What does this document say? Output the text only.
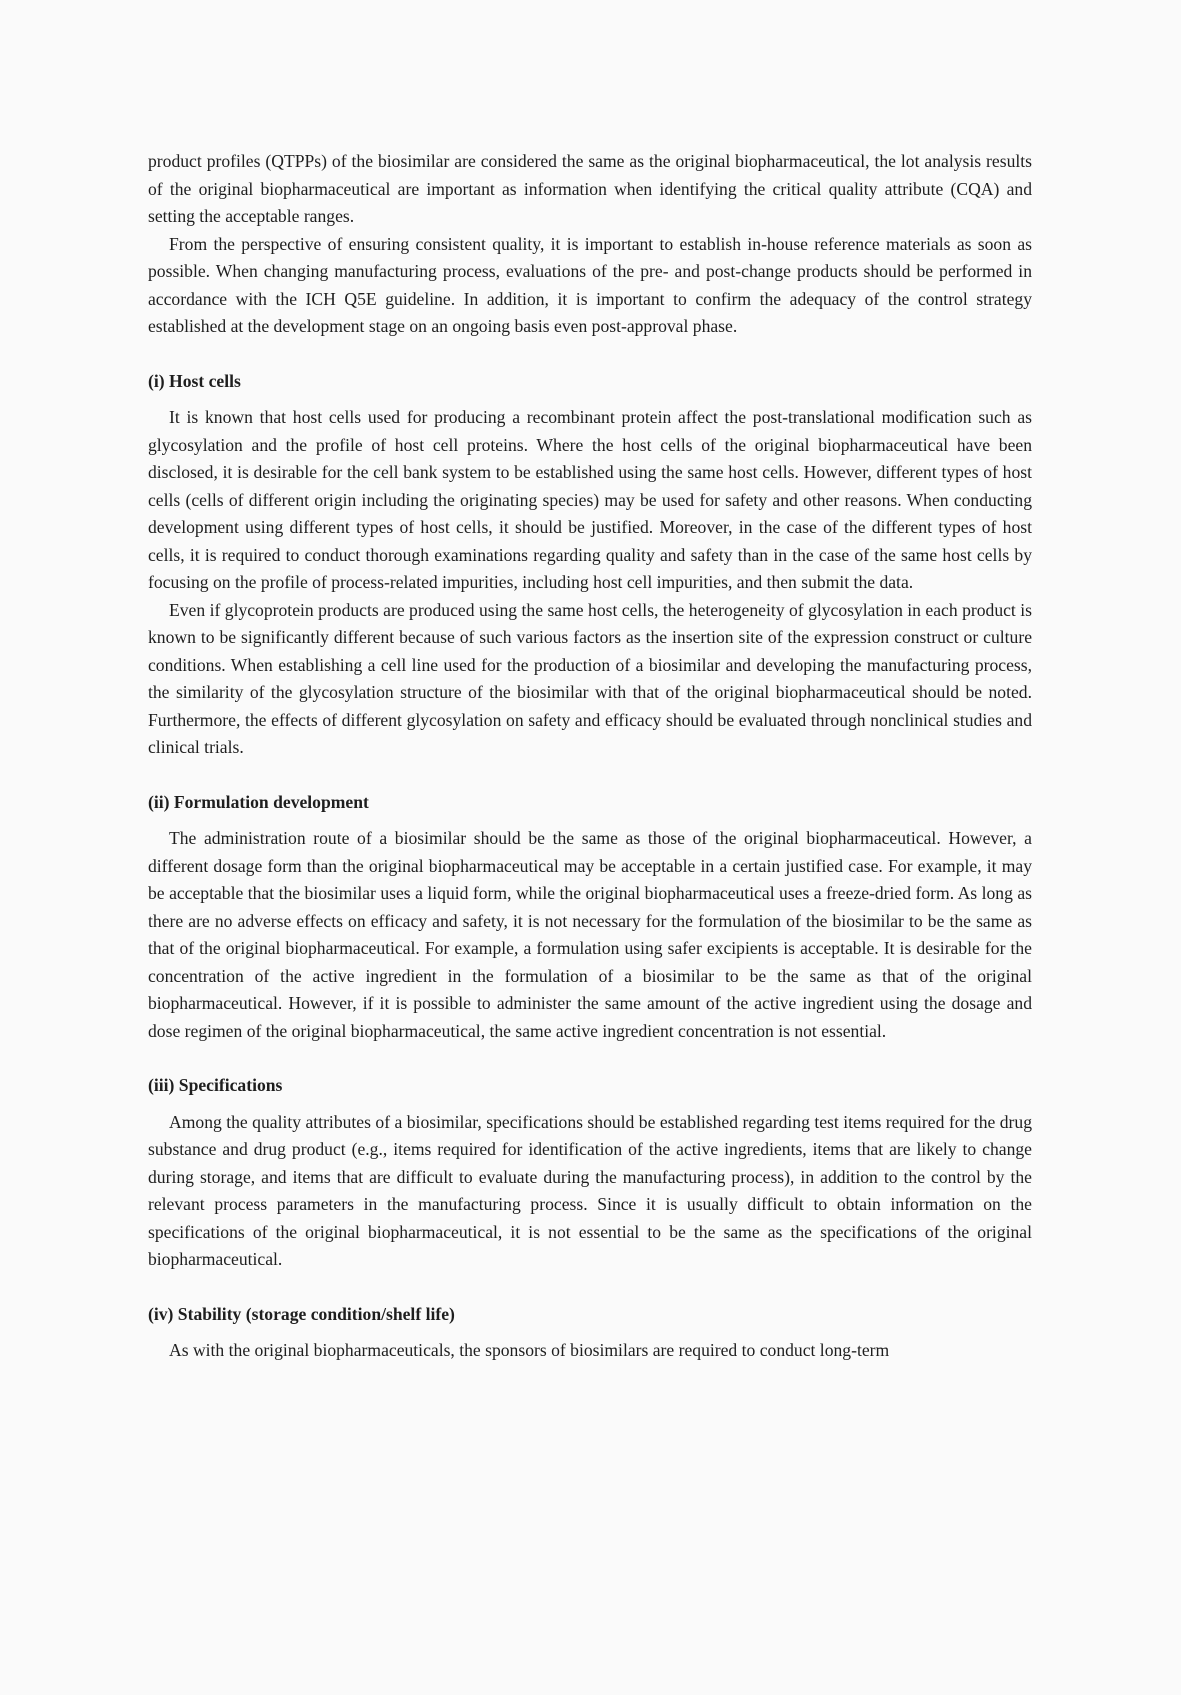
product profiles (QTPPs) of the biosimilar are considered the same as the original biopharmaceutical, the lot analysis results of the original biopharmaceutical are important as information when identifying the critical quality attribute (CQA) and setting the acceptable ranges.

From the perspective of ensuring consistent quality, it is important to establish in-house reference materials as soon as possible. When changing manufacturing process, evaluations of the pre- and post-change products should be performed in accordance with the ICH Q5E guideline. In addition, it is important to confirm the adequacy of the control strategy established at the development stage on an ongoing basis even post-approval phase.

(i) Host cells

It is known that host cells used for producing a recombinant protein affect the post-translational modification such as glycosylation and the profile of host cell proteins. Where the host cells of the original biopharmaceutical have been disclosed, it is desirable for the cell bank system to be established using the same host cells. However, different types of host cells (cells of different origin including the originating species) may be used for safety and other reasons. When conducting development using different types of host cells, it should be justified. Moreover, in the case of the different types of host cells, it is required to conduct thorough examinations regarding quality and safety than in the case of the same host cells by focusing on the profile of process-related impurities, including host cell impurities, and then submit the data.

Even if glycoprotein products are produced using the same host cells, the heterogeneity of glycosylation in each product is known to be significantly different because of such various factors as the insertion site of the expression construct or culture conditions. When establishing a cell line used for the production of a biosimilar and developing the manufacturing process, the similarity of the glycosylation structure of the biosimilar with that of the original biopharmaceutical should be noted. Furthermore, the effects of different glycosylation on safety and efficacy should be evaluated through nonclinical studies and clinical trials.

(ii) Formulation development

The administration route of a biosimilar should be the same as those of the original biopharmaceutical. However, a different dosage form than the original biopharmaceutical may be acceptable in a certain justified case. For example, it may be acceptable that the biosimilar uses a liquid form, while the original biopharmaceutical uses a freeze-dried form. As long as there are no adverse effects on efficacy and safety, it is not necessary for the formulation of the biosimilar to be the same as that of the original biopharmaceutical. For example, a formulation using safer excipients is acceptable. It is desirable for the concentration of the active ingredient in the formulation of a biosimilar to be the same as that of the original biopharmaceutical. However, if it is possible to administer the same amount of the active ingredient using the dosage and dose regimen of the original biopharmaceutical, the same active ingredient concentration is not essential.

(iii) Specifications

Among the quality attributes of a biosimilar, specifications should be established regarding test items required for the drug substance and drug product (e.g., items required for identification of the active ingredients, items that are likely to change during storage, and items that are difficult to evaluate during the manufacturing process), in addition to the control by the relevant process parameters in the manufacturing process. Since it is usually difficult to obtain information on the specifications of the original biopharmaceutical, it is not essential to be the same as the specifications of the original biopharmaceutical.

(iv) Stability (storage condition/shelf life)

As with the original biopharmaceuticals, the sponsors of biosimilars are required to conduct long-term
